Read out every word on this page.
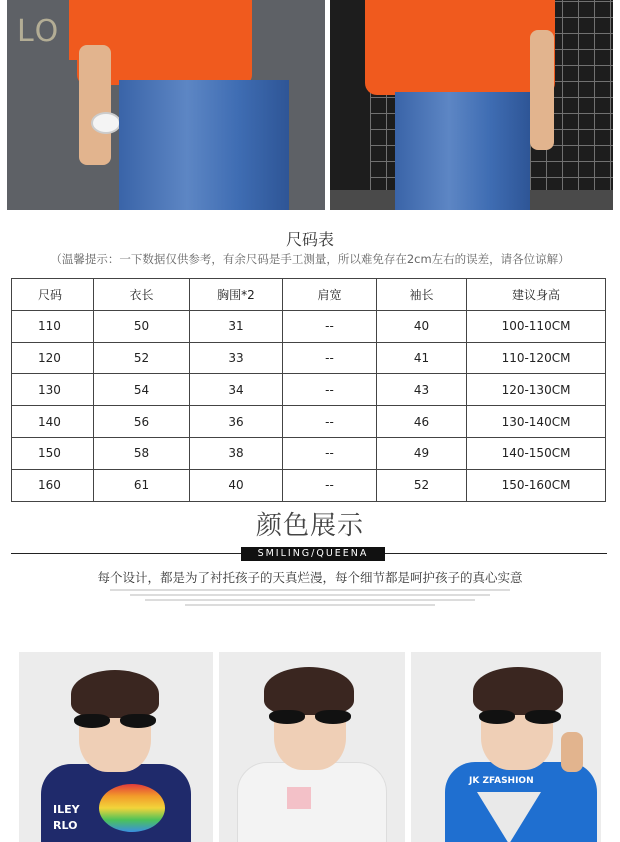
LO
尺码表
（温馨提示：一下数据仅供参考，有余尺码是手工测量，所以难免存在2cm左右的误差，请各位谅解）
尺码	衣长	胸围*2	肩宽	袖长	建议身高
110	50	31	--	40	100-110CM
120	52	33	--	41	110-120CM
130	54	34	--	43	120-130CM
140	56	36	--	46	130-140CM
150	58	38	--	49	140-150CM
160	61	40	--	52	150-160CM
颜色展示
SMILING/QUEENA
每个设计，都是为了衬托孩子的天真烂漫，每个细节都是呵护孩子的真心实意
ILEY
RLO
JK ZFASHION
